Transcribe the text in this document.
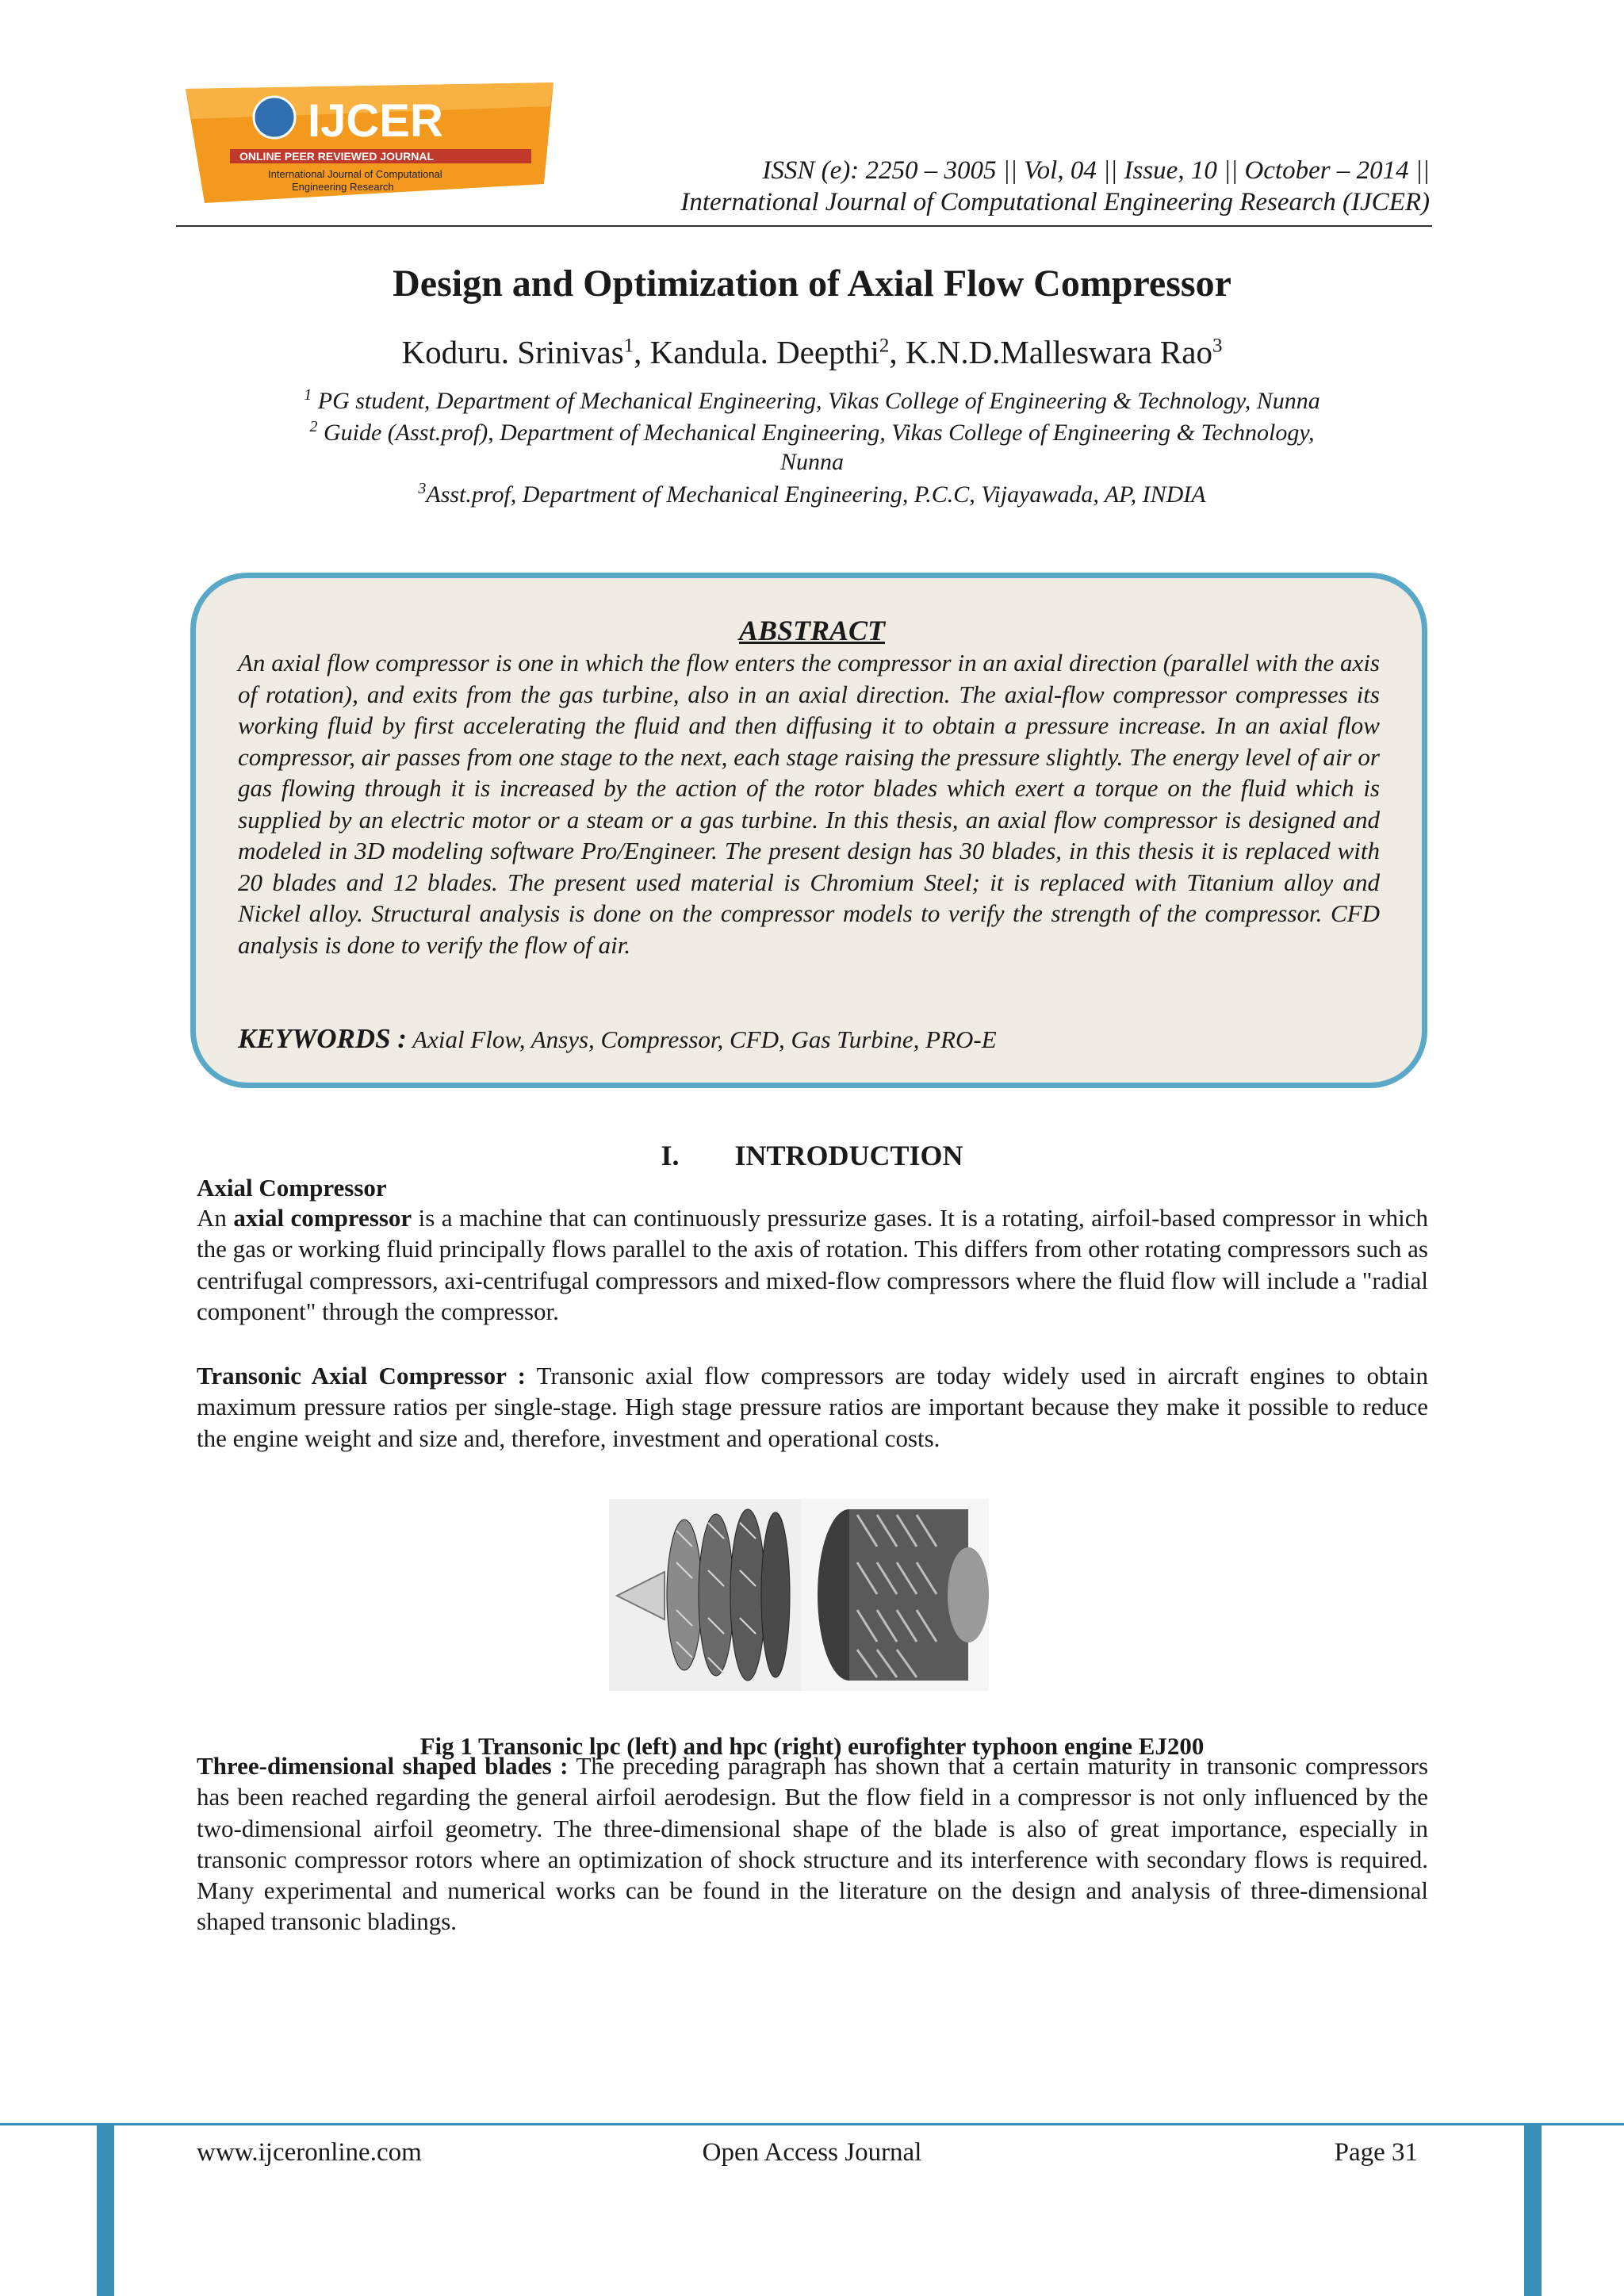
IJCER
ONLINE PEER REVIEWED JOURNAL
International Journal of Computational
Engineering Research
ISSN (e): 2250 – 3005 || Vol, 04 || Issue, 10 || October – 2014 ||
International Journal of Computational Engineering Research (IJCER)
Design and Optimization of Axial Flow Compressor
Koduru. Srinivas$^1$, Kandula. Deepthi$^2$, K.N.D.Malleswara Rao$^3$
$^1$ PG student, Department of Mechanical Engineering, Vikas College of Engineering & Technology, Nunna
$^2$ Guide (Asst.prof), Department of Mechanical Engineering, Vikas College of Engineering & Technology,
Nunna
$^3$Asst.prof, Department of Mechanical Engineering, P.C.C, Vijayawada, AP, INDIA
ABSTRACT
An axial flow compressor is one in which the flow enters the compressor in an axial direction (parallel with the axis of rotation), and exits from the gas turbine, also in an axial direction. The axial-flow compressor compresses its working fluid by first accelerating the fluid and then diffusing it to obtain a pressure increase. In an axial flow compressor, air passes from one stage to the next, each stage raising the pressure slightly. The energy level of air or gas flowing through it is increased by the action of the rotor blades which exert a torque on the fluid which is supplied by an electric motor or a steam or a gas turbine. In this thesis, an axial flow compressor is designed and modeled in 3D modeling software Pro/Engineer. The present design has 30 blades, in this thesis it is replaced with 20 blades and 12 blades. The present used material is Chromium Steel; it is replaced with Titanium alloy and Nickel alloy. Structural analysis is done on the compressor models to verify the strength of the compressor. CFD analysis is done to verify the flow of air.
KEYWORDS : Axial Flow, Ansys, Compressor, CFD, Gas Turbine, PRO-E
I. INTRODUCTION
Axial Compressor
An axial compressor is a machine that can continuously pressurize gases. It is a rotating, airfoil-based compressor in which the gas or working fluid principally flows parallel to the axis of rotation. This differs from other rotating compressors such as centrifugal compressors, axi-centrifugal compressors and mixed-flow compressors where the fluid flow will include a "radial component" through the compressor.
Transonic Axial Compressor : Transonic axial flow compressors are today widely used in aircraft engines to obtain maximum pressure ratios per single-stage. High stage pressure ratios are important because they make it possible to reduce the engine weight and size and, therefore, investment and operational costs.
Fig 1 Transonic lpc (left) and hpc (right) eurofighter typhoon engine EJ200
Three-dimensional shaped blades : The preceding paragraph has shown that a certain maturity in transonic compressors has been reached regarding the general airfoil aerodesign. But the flow field in a compressor is not only influenced by the two-dimensional airfoil geometry. The three-dimensional shape of the blade is also of great importance, especially in transonic compressor rotors where an optimization of shock structure and its interference with secondary flows is required. Many experimental and numerical works can be found in the literature on the design and analysis of three-dimensional shaped transonic bladings.
www.ijceronline.com	Open Access Journal	Page 31
